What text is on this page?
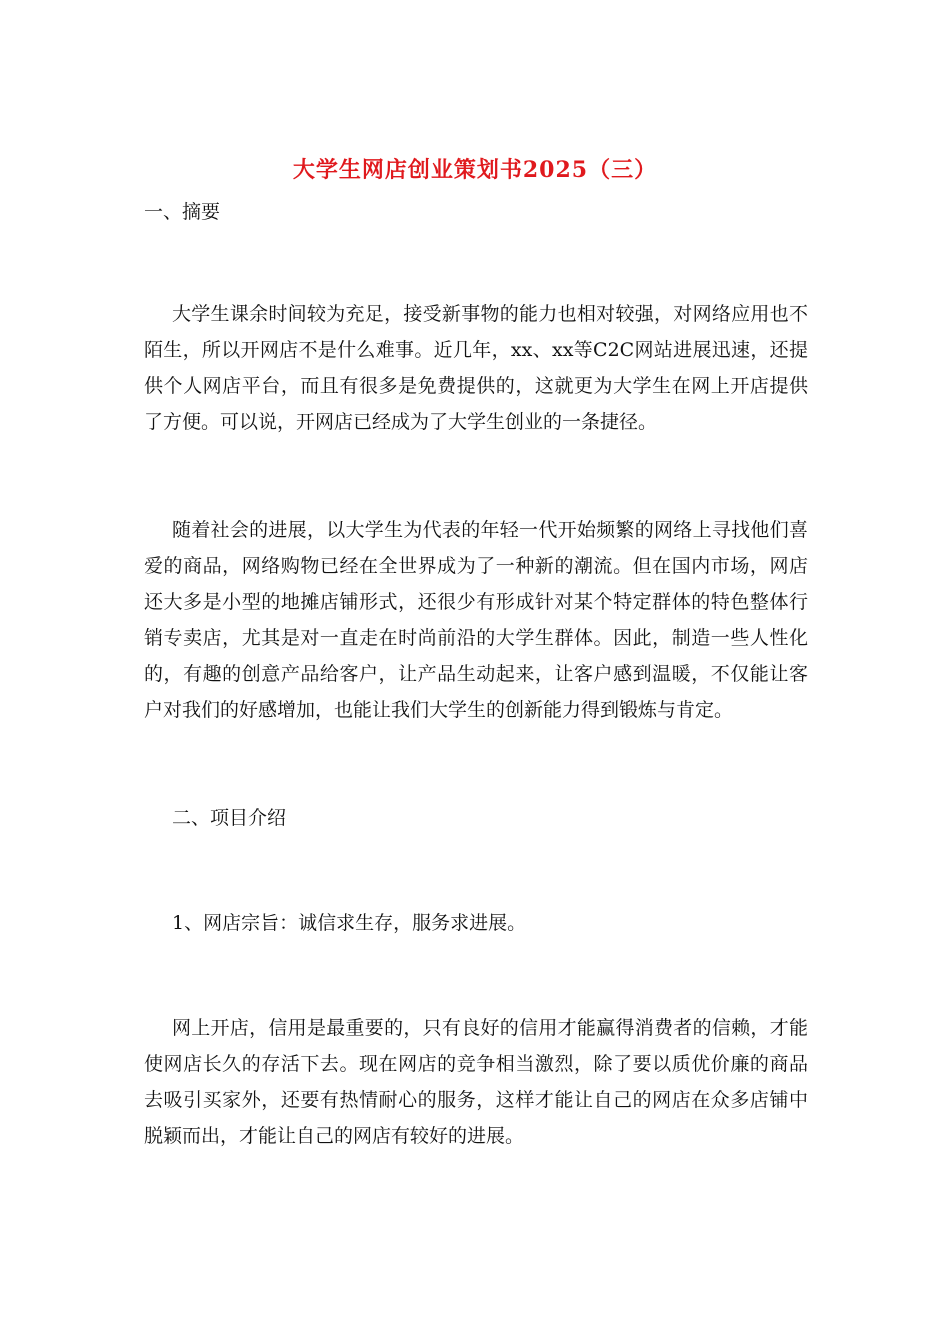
大学生网店创业策划书2025（三）
一、摘要
大学生课余时间较为充足，接受新事物的能力也相对较强，对网络应用也不陌生，所以开网店不是什么难事。近几年，xx、xx等C2C网站进展迅速，还提供个人网店平台，而且有很多是免费提供的，这就更为大学生在网上开店提供了方便。可以说，开网店已经成为了大学生创业的一条捷径。
随着社会的进展，以大学生为代表的年轻一代开始频繁的网络上寻找他们喜爱的商品，网络购物已经在全世界成为了一种新的潮流。但在国内市场，网店还大多是小型的地摊店铺形式，还很少有形成针对某个特定群体的特色整体行销专卖店，尤其是对一直走在时尚前沿的大学生群体。因此，制造一些人性化的，有趣的创意产品给客户，让产品生动起来，让客户感到温暖，不仅能让客户对我们的好感增加，也能让我们大学生的创新能力得到锻炼与肯定。
二、项目介绍
1、网店宗旨：诚信求生存，服务求进展。
网上开店，信用是最重要的，只有良好的信用才能赢得消费者的信赖，才能使网店长久的存活下去。现在网店的竞争相当激烈，除了要以质优价廉的商品去吸引买家外，还要有热情耐心的服务，这样才能让自己的网店在众多店铺中脱颖而出，才能让自己的网店有较好的进展。
